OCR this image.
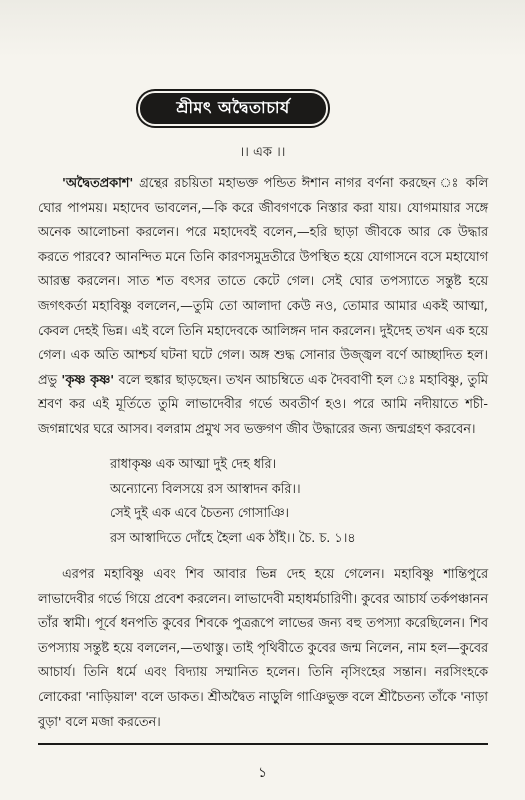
শ্রীমৎ অদ্বৈতাচার্য
।। এক ।।
'অদ্বৈতপ্রকাশ' গ্রন্থের রচয়িতা মহাভক্ত পন্ডিত ঈশান নাগর বর্ণনা করছেন ঃ কলি ঘোর পাপময়। মহাদেব ভাবলেন,—কি করে জীবগণকে নিস্তার করা যায়। যোগমায়ার সঙ্গে অনেক আলোচনা করলেন। পরে মহাদেবই বলেন,—হরি ছাড়া জীবকে আর কে উদ্ধার করতে পারবে? আনন্দিত মনে তিনি কারণসমুদ্রতীরে উপস্থিত হয়ে যোগাসনে বসে মহাযোগ আরম্ভ করলেন। সাত শত বৎসর তাতে কেটে গেল। সেই ঘোর তপস্যাতে সন্তুষ্ট হয়ে জগৎকর্তা মহাবিষ্ণু বললেন,—তুমি তো আলাদা কেউ নও, তোমার আমার একই আত্মা, কেবল দেহই ভিন্ন। এই বলে তিনি মহাদেবকে আলিঙ্গন দান করলেন। দুইদেহ তখন এক হয়ে গেল। এক অতি আশ্চর্য ঘটনা ঘটে গেল। অঙ্গ শুদ্ধ সোনার উজ্জ্বল বর্ণে আচ্ছাদিত হল। প্রভু 'কৃষ্ণ কৃষ্ণ' বলে হুঙ্কার ছাড়ছেন। তখন আচম্বিতে এক দৈববাণী হল ঃ মহাবিষ্ণু, তুমি শ্রবণ কর এই মূর্তিতে তুমি লাভাদেবীর গর্ভে অবতীর্ণ হও। পরে আমি নদীয়াতে শচী-জগন্নাথের ঘরে আসব। বলরাম প্রমুখ সব ভক্তগণ জীব উদ্ধারের জন্য জন্মগ্রহণ করবেন।
রাধাকৃষ্ণ এক আত্মা দুই দেহ ধরি।
অন্যোন্যে বিলসয়ে রস আস্বাদন করি।।
সেই দুই এক এবে চৈতন্য গোসাঞি।
রস আস্বাদিতে দোঁহে হৈলা এক ঠাঁই।। চৈ. চ. ১।৪
এরপর মহাবিষ্ণু এবং শিব আবার ভিন্ন দেহ হয়ে গেলেন। মহাবিষ্ণু শান্তিপুরে লাভাদেবীর গর্ভে গিয়ে প্রবেশ করলেন। লাভাদেবী মহাধর্মচারিণী। কুবের আচার্য তর্কপঞ্চানন তাঁর স্বামী। পূর্বে ধনপতি কুবের শিবকে পুত্ররূপে লাভের জন্য বহু তপস্যা করেছিলেন। শিব তপস্যায় সন্তুষ্ট হয়ে বললেন,—তথাস্তু। তাই পৃথিবীতে কুবের জন্ম নিলেন, নাম হল—কুবের আচার্য। তিনি ধর্মে এবং বিদ্যায় সম্মানিত হলেন। তিনি নৃসিংহের সন্তান। নরসিংহকে লোকেরা 'নাড়িয়াল' বলে ডাকত। শ্রীঅদ্বৈত নাড়ুলি গাঞিভুক্ত বলে শ্রীচৈতন্য তাঁকে 'নাড়া বুড়া' বলে মজা করতেন।
১
